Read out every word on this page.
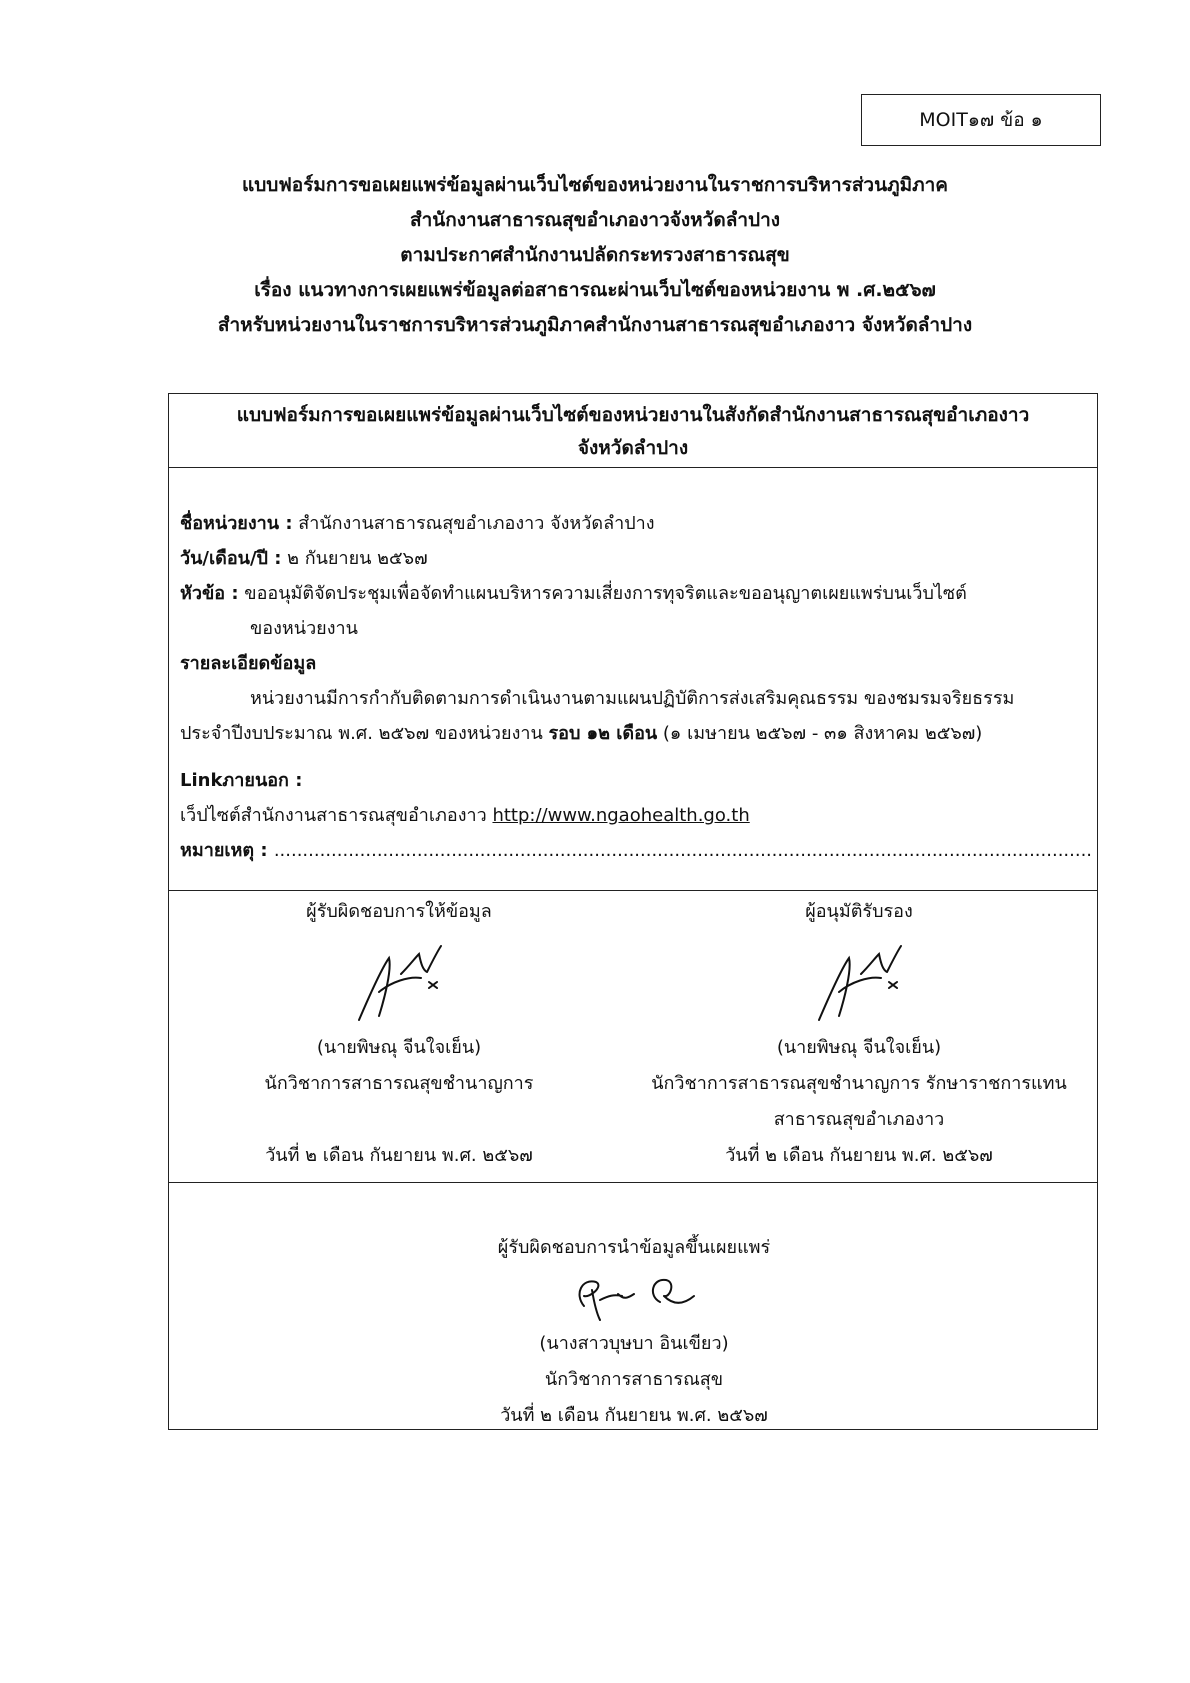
MOIT๑๗ ข้อ ๑
แบบฟอร์มการขอเผยแพร่ข้อมูลผ่านเว็บไซต์ของหน่วยงานในราชการบริหารส่วนภูมิภาค
สำนักงานสาธารณสุขอำเภองาวจังหวัดลำปาง
ตามประกาศสำนักงานปลัดกระทรวงสาธารณสุข
เรื่อง แนวทางการเผยแพร่ข้อมูลต่อสาธารณะผ่านเว็บไซต์ของหน่วยงาน พ .ศ.๒๕๖๗
สำหรับหน่วยงานในราชการบริหารส่วนภูมิภาคสำนักงานสาธารณสุขอำเภองาว จังหวัดลำปาง
แบบฟอร์มการขอเผยแพร่ข้อมูลผ่านเว็บไซต์ของหน่วยงานในสังกัดสำนักงานสาธารณสุขอำเภองาว
จังหวัดลำปาง
ชื่อหน่วยงาน : สำนักงานสาธารณสุขอำเภองาว จังหวัดลำปาง
วัน/เดือน/ปี : ๒ กันยายน ๒๕๖๗
หัวข้อ : ขออนุมัติจัดประชุมเพื่อจัดทำแผนบริหารความเสี่ยงการทุจริตและขออนุญาตเผยแพร่บนเว็บไซต์
ของหน่วยงาน
รายละเอียดข้อมูล
หน่วยงานมีการกำกับติดตามการดำเนินงานตามแผนปฏิบัติการส่งเสริมคุณธรรม ของชมรมจริยธรรม
ประจำปีงบประมาณ พ.ศ. ๒๕๖๗ ของหน่วยงาน รอบ ๑๒ เดือน (๑ เมษายน ๒๕๖๗ - ๓๑ สิงหาคม ๒๕๖๗)
Linkภายนอก :
เว็ปไซต์สำนักงานสาธารณสุขอำเภองาว http://www.ngaohealth.go.th
หมายเหตุ : ...............................................................................................................................................
ผู้รับผิดชอบการให้ข้อมูล
(นายพิษณุ จีนใจเย็น)
นักวิชาการสาธารณสุขชำนาญการ
วันที่ ๒ เดือน กันยายน พ.ศ. ๒๕๖๗
ผู้อนุมัติรับรอง
(นายพิษณุ จีนใจเย็น)
นักวิชาการสาธารณสุขชำนาญการ รักษาราชการแทน
สาธารณสุขอำเภองาว
วันที่ ๒ เดือน กันยายน พ.ศ. ๒๕๖๗
ผู้รับผิดชอบการนำข้อมูลขึ้นเผยแพร่
(นางสาวบุษบา อินเขียว)
นักวิชาการสาธารณสุข
วันที่ ๒ เดือน กันยายน พ.ศ. ๒๕๖๗
